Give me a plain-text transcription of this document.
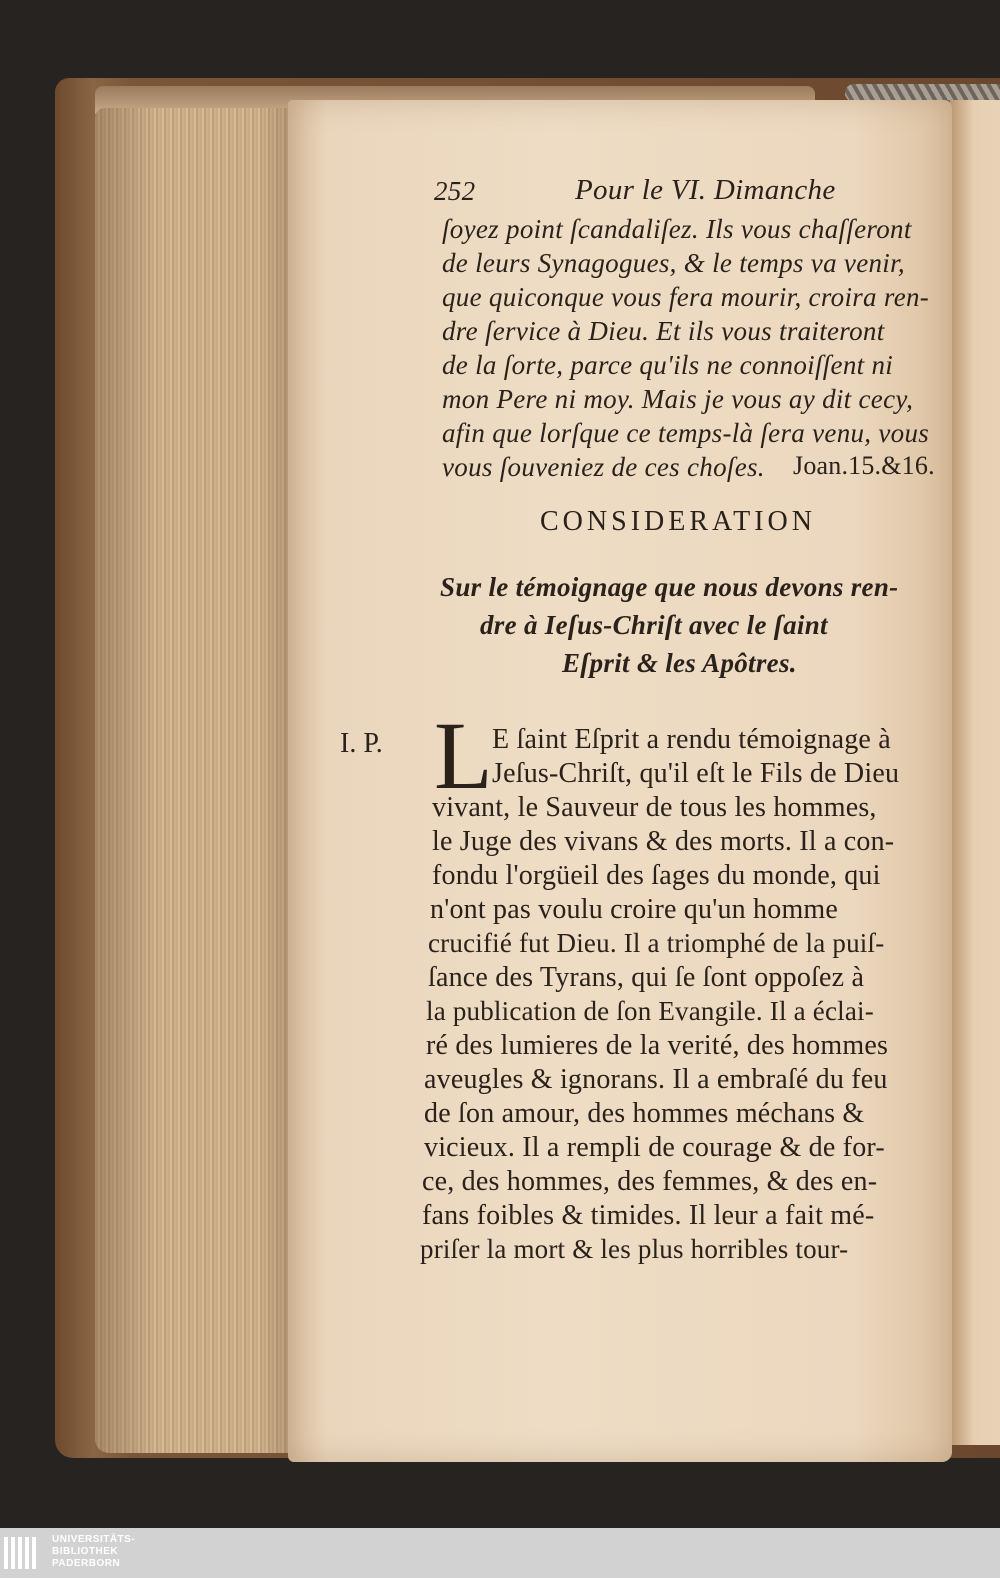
252	Pour le VI. Dimanche
ſoyez point ſcandaliſez. Ils vous chaſſeront
de leurs Synagogues, & le temps va venir,
que quiconque vous fera mourir, croira ren-
dre ſervice à Dieu. Et ils vous traiteront
de la ſorte, parce qu'ils ne connoiſſent ni
mon Pere ni moy. Mais je vous ay dit cecy,
afin que lorſque ce temps-là ſera venu, vous
vous ſouveniez de ces choſes. Joan.15.&16.
CONSIDERATION
Sur le témoignage que nous devons ren-
dre à Ieſus-Chriſt avec le ſaint
Eſprit & les Apôtres.
I. P. L E ſaint Eſprit a rendu témoignage à
Jeſus-Chriſt, qu'il eſt le Fils de Dieu
vivant, le Sauveur de tous les hommes,
le Juge des vivans & des morts. Il a con-
fondu l'orgüeil des ſages du monde, qui
n'ont pas voulu croire qu'un homme
crucifié fut Dieu. Il a triomphé de la puiſ-
ſance des Tyrans, qui ſe ſont oppoſez à
la publication de ſon Evangile. Il a éclai-
ré des lumieres de la verité, des hommes
aveugles & ignorans. Il a embraſé du feu
de ſon amour, des hommes méchans &
vicieux. Il a rempli de courage & de for-
ce, des hommes, des femmes, & des en-
fans foibles & timides. Il leur a fait mé-
priſer la mort & les plus horribles tour-
UNIVERSITÄTS-
BIBLIOTHEK
PADERBORN
